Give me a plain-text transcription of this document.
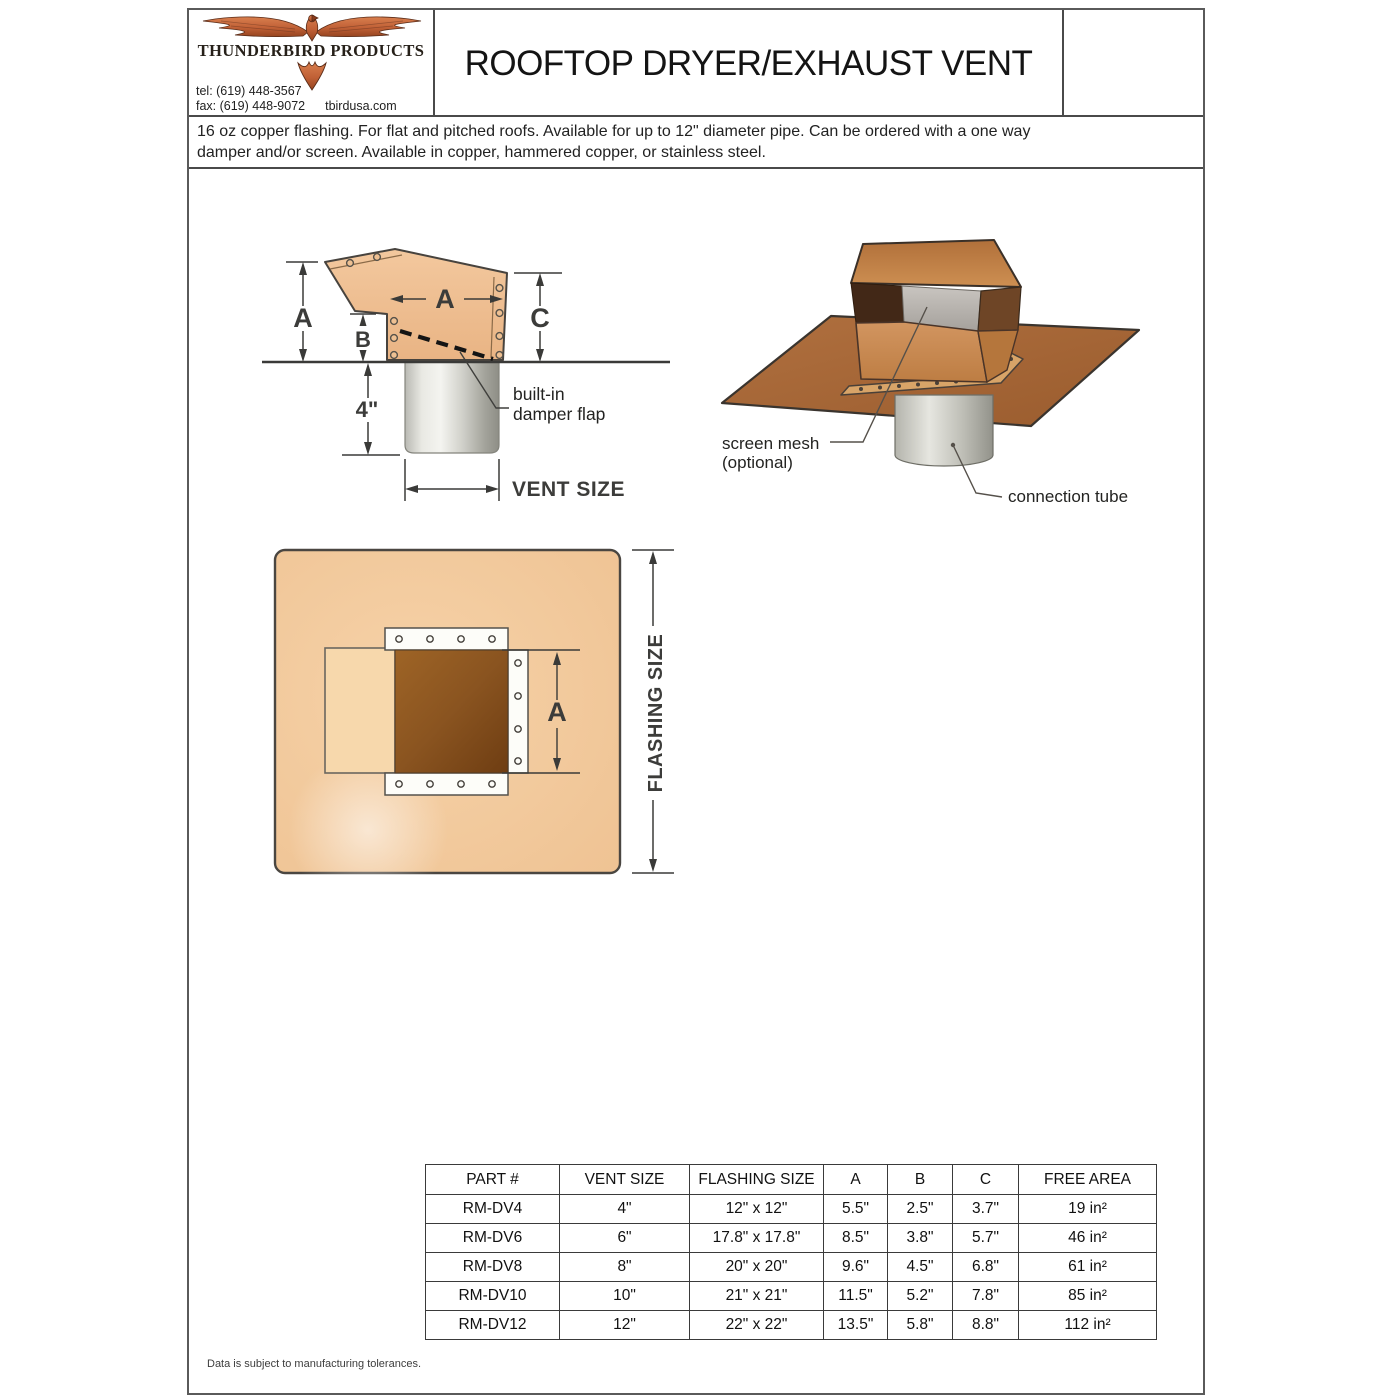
THUNDERBIRD PRODUCTS
tel: (619) 448-3567
fax: (619) 448-9072 tbirdusa.com
ROOFTOP DRYER/EXHAUST VENT
16 oz copper flashing. For flat and pitched roofs. Available for up to 12" diameter pipe. Can be ordered with a one way
damper and/or screen. Available in copper, hammered copper, or stainless steel.
A
B
4"
C
A
VENT SIZE
built-in
damper flap
screen mesh
(optional)
connection tube
A	FLASHING SIZE
PART #	VENT SIZE	FLASHING SIZE	A	B	C	FREE AREA
RM-DV4	4"	12" x 12"	5.5"	2.5"	3.7"	19 in²
RM-DV6	6"	17.8" x 17.8"	8.5"	3.8"	5.7"	46 in²
RM-DV8	8"	20" x 20"	9.6"	4.5"	6.8"	61 in²
RM-DV10	10"	21" x 21"	11.5"	5.2"	7.8"	85 in²
RM-DV12	12"	22" x 22"	13.5"	5.8"	8.8"	112 in²
Data is subject to manufacturing tolerances.
